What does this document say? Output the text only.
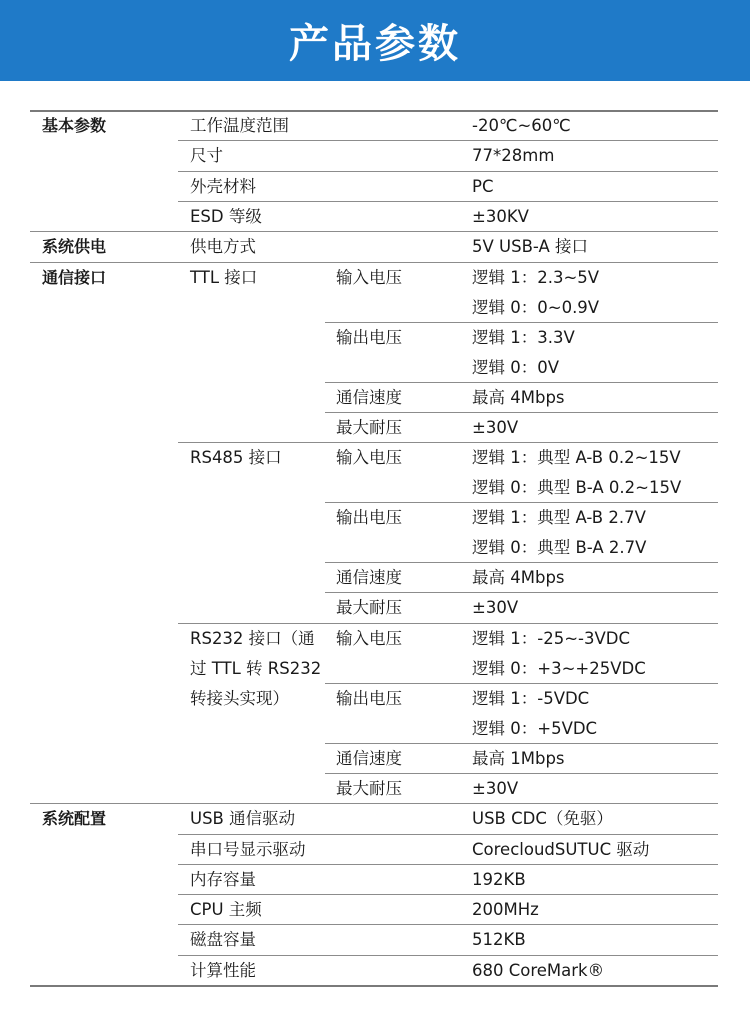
产品参数
基本参数	工作温度范围	-20℃~60℃
尺寸	77*28mm
外壳材料	PC
ESD 等级	±30KV
系统供电	供电方式	5V USB-A 接口
通信接口	TTL 接口	输入电压	逻辑 1：2.3~5V
逻辑 0：0~0.9V
输出电压	逻辑 1：3.3V
逻辑 0：0V
通信速度	最高 4Mbps
最大耐压	±30V
RS485 接口	输入电压	逻辑 1：典型 A-B 0.2~15V
逻辑 0：典型 B-A 0.2~15V
输出电压	逻辑 1：典型 A-B 2.7V
逻辑 0：典型 B-A 2.7V
通信速度	最高 4Mbps
最大耐压	±30V
RS232 接口（通过 TTL 转 RS232 转接头实现）
输入电压	逻辑 1：-25~-3VDC
逻辑 0：+3~+25VDC
输出电压	逻辑 1：-5VDC
逻辑 0：+5VDC
通信速度	最高 1Mbps
最大耐压	±30V
系统配置	USB 通信驱动	USB CDC（免驱）
串口号显示驱动	CorecloudSUTUC 驱动
内存容量	192KB
CPU 主频	200MHz
磁盘容量	512KB
计算性能	680 CoreMark®
